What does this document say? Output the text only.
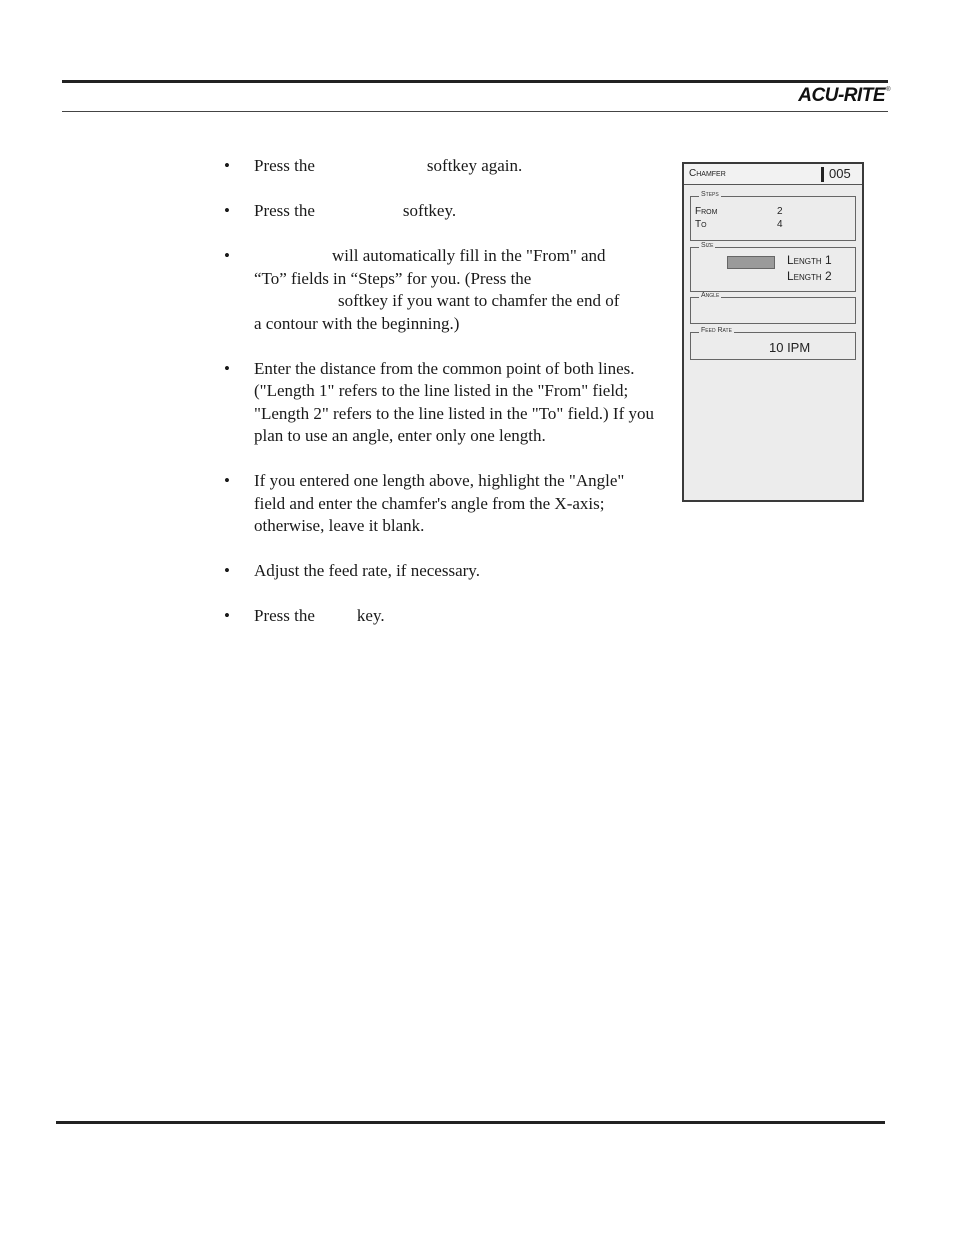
ACU-RITE®
• Press the	softkey again.
• Press the	softkey.
•	will automatically fill in the "From" and
“To” fields in “Steps” for you. (Press the
softkey if you want to chamfer the end of
a contour with the beginning.)
• Enter the distance from the common point of both lines. ("Length 1" refers to the line listed in the "From" field; "Length 2" refers to the line listed in the "To" field.) If you plan to use an angle, enter only one length.
• If you entered one length above, highlight the "Angle" field and enter the chamfer's angle from the X-axis; otherwise, leave it blank.
• Adjust the feed rate, if necessary.
• Press the key.
Chamfer	005
Steps
From	2
To	4
Size
Length 1
Length 2
Angle
Feed Rate
10 IPM
